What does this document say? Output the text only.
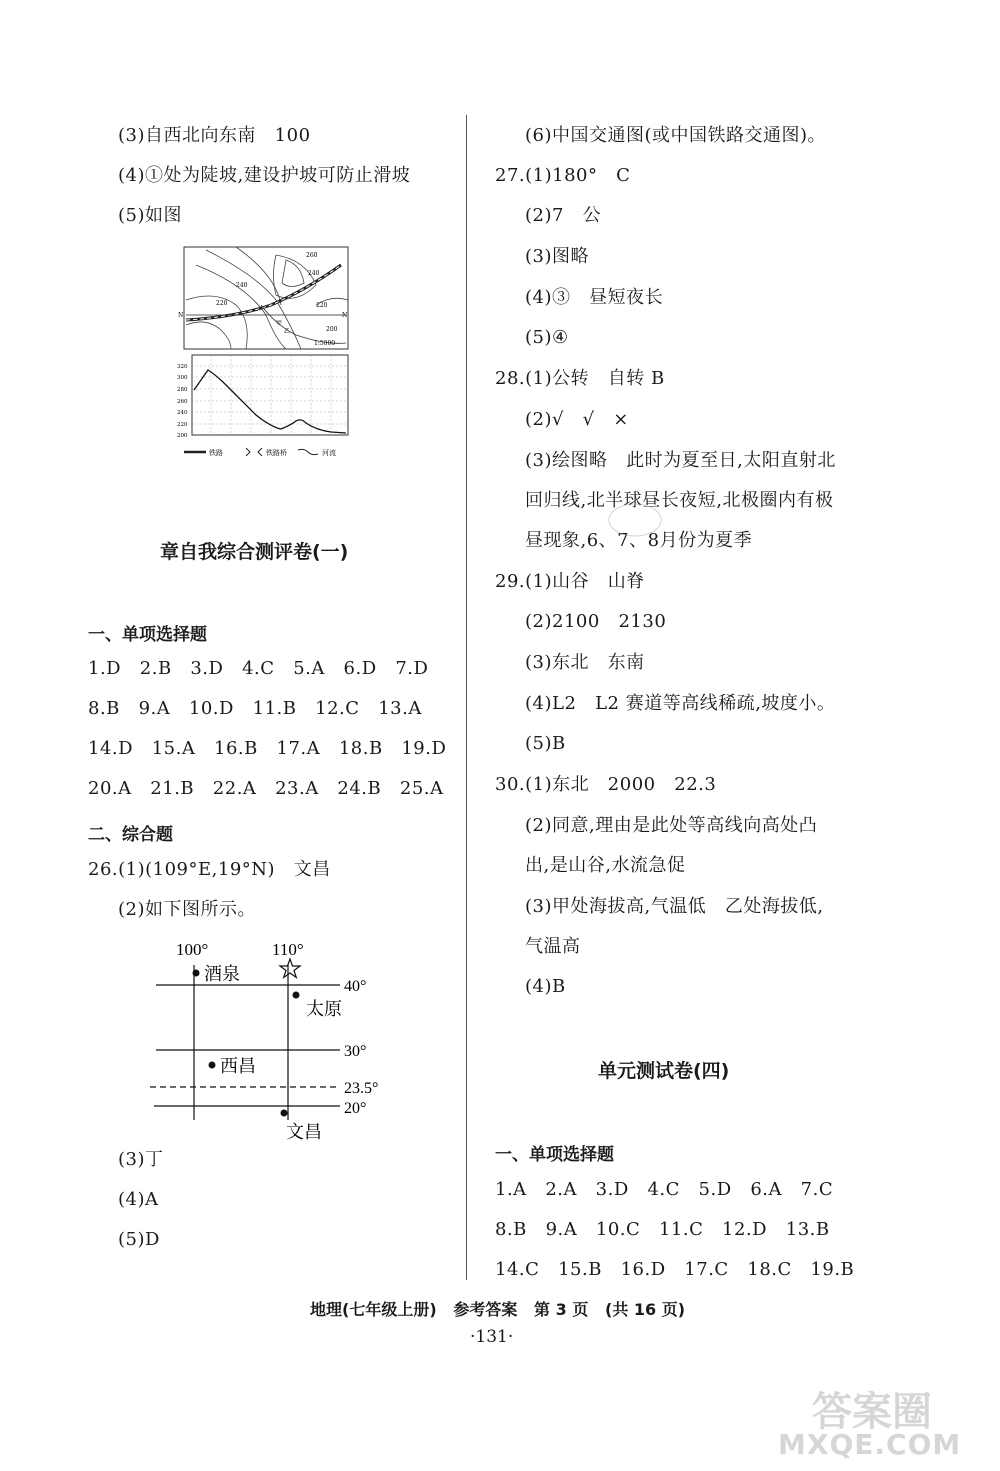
(3)自西北向东南   100
(4)①处为陡坡,建设护坡可防止滑坡
(5)如图
240
220
260
220
240
200
N	N
甲
乙
1:5000
320
300
280
260
240
220
200
铁路	铁路桥	河流
章自我综合测评卷(一)
一、单项选择题
1.D   2.B   3.D   4.C   5.A   6.D   7.D
8.B   9.A   10.D   11.B   12.C   13.A
14.D   15.A   16.B   17.A   18.B   19.D
20.A   21.B   22.A   23.A   24.B   25.A
二、综合题
26.(1)(109°E,19°N)   文昌
(2)如下图所示。
100°	110°
40°
30°
23.5°
20°
酒泉
太原
西昌
文昌
(3)丁
(4)A
(5)D
(6)中国交通图(或中国铁路交通图)。
27.(1)180°   C
(2)7   公
(3)图略
(4)③   昼短夜长
(5)④
28.(1)公转   自转 B
(2)√   √   ×
(3)绘图略   此时为夏至日,太阳直射北
回归线,北半球昼长夜短,北极圈内有极
昼现象,6、7、8月份为夏季
29.(1)山谷   山脊
(2)2100   2130
(3)东北   东南
(4)L2   L2 赛道等高线稀疏,坡度小。
(5)B
30.(1)东北   2000   22.3
(2)同意,理由是此处等高线向高处凸
出,是山谷,水流急促
(3)甲处海拔高,气温低   乙处海拔低,
气温高
(4)B
单元测试卷(四)
一、单项选择题
1.A   2.A   3.D   4.C   5.D   6.A   7.C
8.B   9.A   10.C   11.C   12.D   13.B
14.C   15.B   16.D   17.C   18.C   19.B
地理(七年级上册)   参考答案   第 3 页   (共 16 页)
·131·
答案圈
MXQE.COM
